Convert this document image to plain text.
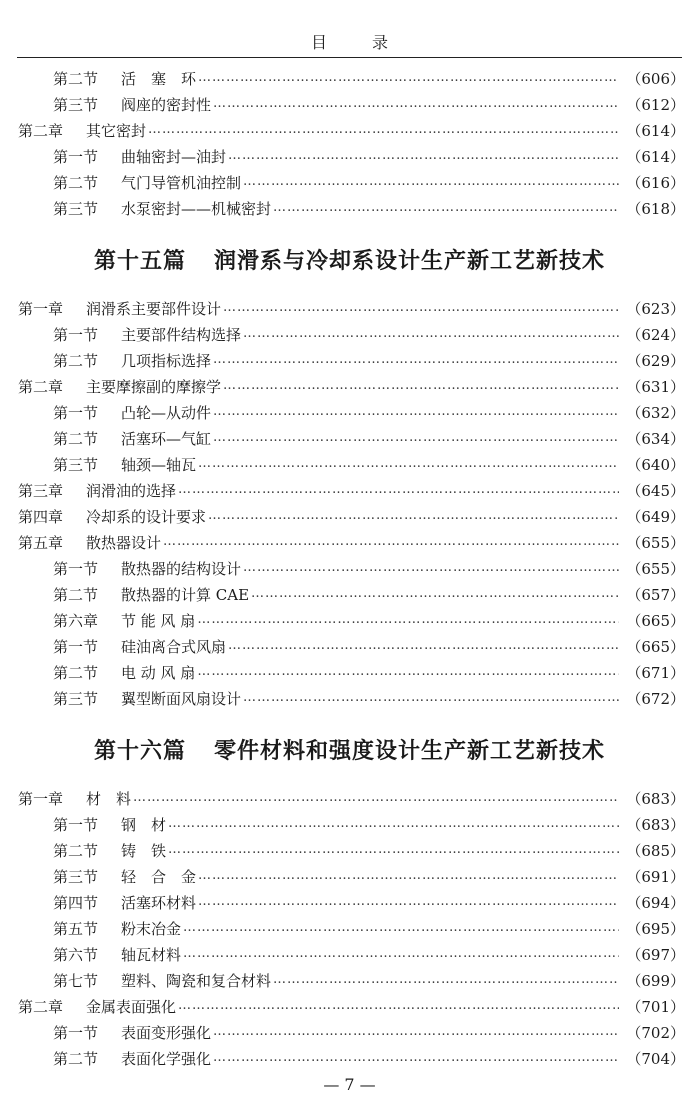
目	录
第二节	活　塞　环 ……………………………………………………………………………………………………………………………………………………………………………………………………………………	（606）
第三节	阀座的密封性 ……………………………………………………………………………………………………………………………………………………………………………………………………………………	（612）
第二章	其它密封 ……………………………………………………………………………………………………………………………………………………………………………………………………………………	（614）
第一节	曲轴密封—油封 ……………………………………………………………………………………………………………………………………………………………………………………………………………………	（614）
第二节	气门导管机油控制 ……………………………………………………………………………………………………………………………………………………………………………………………………………………	（616）
第三节	水泵密封——机械密封 ……………………………………………………………………………………………………………………………………………………………………………………………………………………	（618）
第十五篇 润滑系与冷却系设计生产新工艺新技术
第一章	润滑系主要部件设计 ……………………………………………………………………………………………………………………………………………………………………………………………………………………	（623）
第一节	主要部件结构选择 ……………………………………………………………………………………………………………………………………………………………………………………………………………………	（624）
第二节	几项指标选择 ……………………………………………………………………………………………………………………………………………………………………………………………………………………	（629）
第二章	主要摩擦副的摩擦学 ……………………………………………………………………………………………………………………………………………………………………………………………………………………	（631）
第一节	凸轮—从动件 ……………………………………………………………………………………………………………………………………………………………………………………………………………………	（632）
第二节	活塞环—气缸 ……………………………………………………………………………………………………………………………………………………………………………………………………………………	（634）
第三节	轴颈—轴瓦 ……………………………………………………………………………………………………………………………………………………………………………………………………………………	（640）
第三章	润滑油的选择 ……………………………………………………………………………………………………………………………………………………………………………………………………………………	（645）
第四章	冷却系的设计要求 ……………………………………………………………………………………………………………………………………………………………………………………………………………………	（649）
第五章	散热器设计 ……………………………………………………………………………………………………………………………………………………………………………………………………………………	（655）
第一节	散热器的结构设计 ……………………………………………………………………………………………………………………………………………………………………………………………………………………	（655）
第二节	散热器的计算 CAE ……………………………………………………………………………………………………………………………………………………………………………………………………………………	（657）
第六章	节 能 风 扇 ……………………………………………………………………………………………………………………………………………………………………………………………………………………	（665）
第一节	硅油离合式风扇 ……………………………………………………………………………………………………………………………………………………………………………………………………………………	（665）
第二节	电 动 风 扇 ……………………………………………………………………………………………………………………………………………………………………………………………………………………	（671）
第三节	翼型断面风扇设计 ……………………………………………………………………………………………………………………………………………………………………………………………………………………	（672）
第十六篇 零件材料和强度设计生产新工艺新技术
第一章	材　料 ……………………………………………………………………………………………………………………………………………………………………………………………………………………	（683）
第一节	钢　材 ……………………………………………………………………………………………………………………………………………………………………………………………………………………	（683）
第二节	铸　铁 ……………………………………………………………………………………………………………………………………………………………………………………………………………………	（685）
第三节	轻　合　金 ……………………………………………………………………………………………………………………………………………………………………………………………………………………	（691）
第四节	活塞环材料 ……………………………………………………………………………………………………………………………………………………………………………………………………………………	（694）
第五节	粉末冶金 ……………………………………………………………………………………………………………………………………………………………………………………………………………………	（695）
第六节	轴瓦材料 ……………………………………………………………………………………………………………………………………………………………………………………………………………………	（697）
第七节	塑料、陶瓷和复合材料 ……………………………………………………………………………………………………………………………………………………………………………………………………………………	（699）
第二章	金属表面强化 ……………………………………………………………………………………………………………………………………………………………………………………………………………………	（701）
第一节	表面变形强化 ……………………………………………………………………………………………………………………………………………………………………………………………………………………	（702）
第二节	表面化学强化 ……………………………………………………………………………………………………………………………………………………………………………………………………………………	（704）
— 7 —
